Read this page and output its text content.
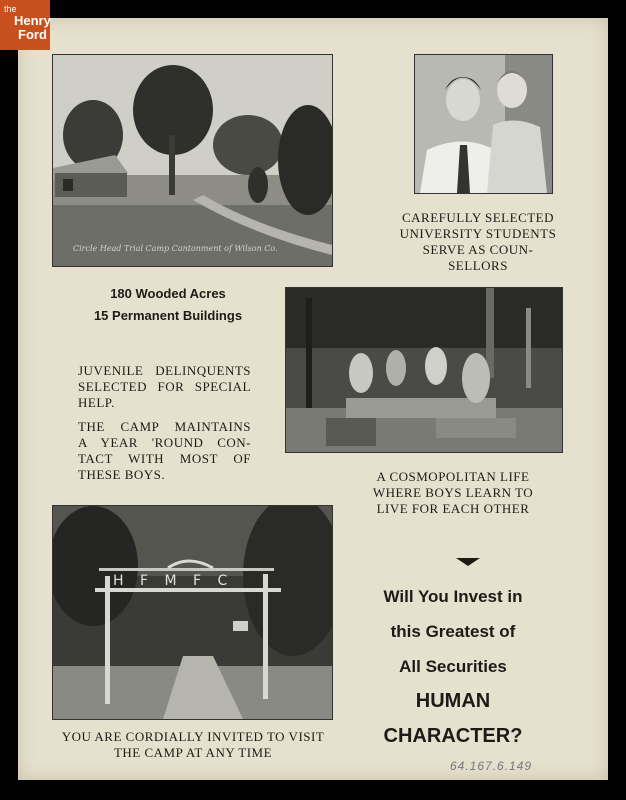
Circle Head Trial Camp Cantonment of Wilson Co.
CAREFULLY SELECTED
UNIVERSITY STUDENTS
SERVE AS COUN-
SELLORS
180 Wooded Acres
15 Permanent Buildings
JUVENILE DELINQUENTS
SELECTED FOR SPECIAL
HELP.
THE CAMP MAINTAINS
A YEAR 'ROUND CON-
TACT WITH MOST OF
THESE BOYS.	A COSMOPOLITAN LIFE
WHERE BOYS LEARN TO
LIVE FOR EACH OTHER
H F M F C
Will You Invest in
this Greatest of
All Securities
HUMAN
CHARACTER?
YOU ARE CORDIALLY INVITED TO VISIT
THE CAMP AT ANY TIME
the
Henry
Ford
64.167.6.149
